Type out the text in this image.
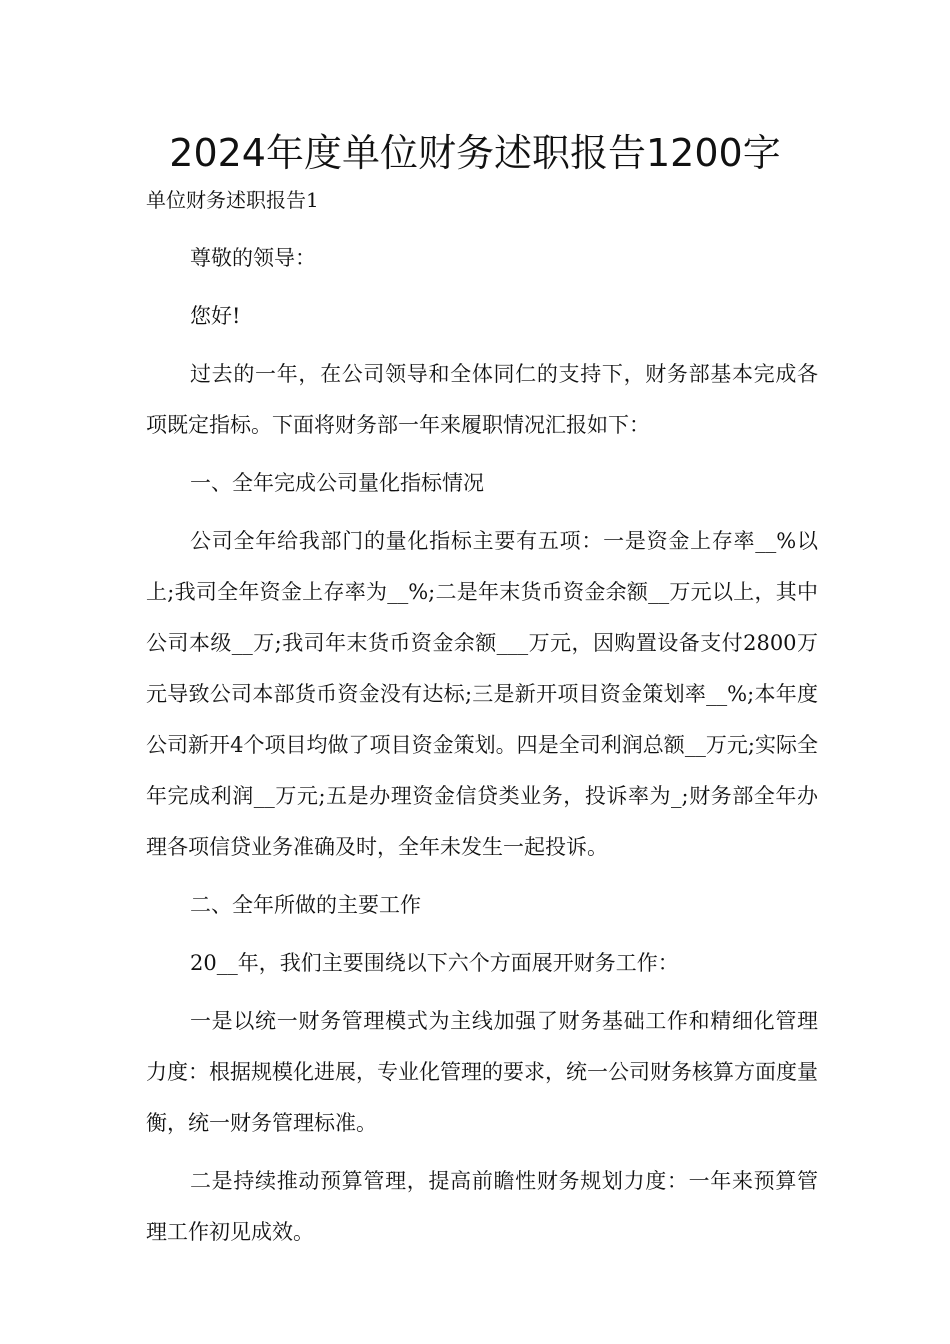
2024年度单位财务述职报告1200字

单位财务述职报告1

尊敬的领导：

您好!

过去的一年，在公司领导和全体同仁的支持下，财务部基本完成各项既定指标。下面将财务部一年来履职情况汇报如下：

一、全年完成公司量化指标情况

公司全年给我部门的量化指标主要有五项：一是资金上存率__%以上;我司全年资金上存率为__%;二是年末货币资金余额__万元以上，其中公司本级__万;我司年末货币资金余额___万元，因购置设备支付2800万元导致公司本部货币资金没有达标;三是新开项目资金策划率__%;本年度公司新开4个项目均做了项目资金策划。四是全司利润总额__万元;实际全年完成利润__万元;五是办理资金信贷类业务，投诉率为_;财务部全年办理各项信贷业务准确及时，全年未发生一起投诉。

二、全年所做的主要工作

20__年，我们主要围绕以下六个方面展开财务工作：

一是以统一财务管理模式为主线加强了财务基础工作和精细化管理力度：根据规模化进展，专业化管理的要求，统一公司财务核算方面度量衡，统一财务管理标准。

二是持续推动预算管理，提高前瞻性财务规划力度：一年来预算管理工作初见成效。
